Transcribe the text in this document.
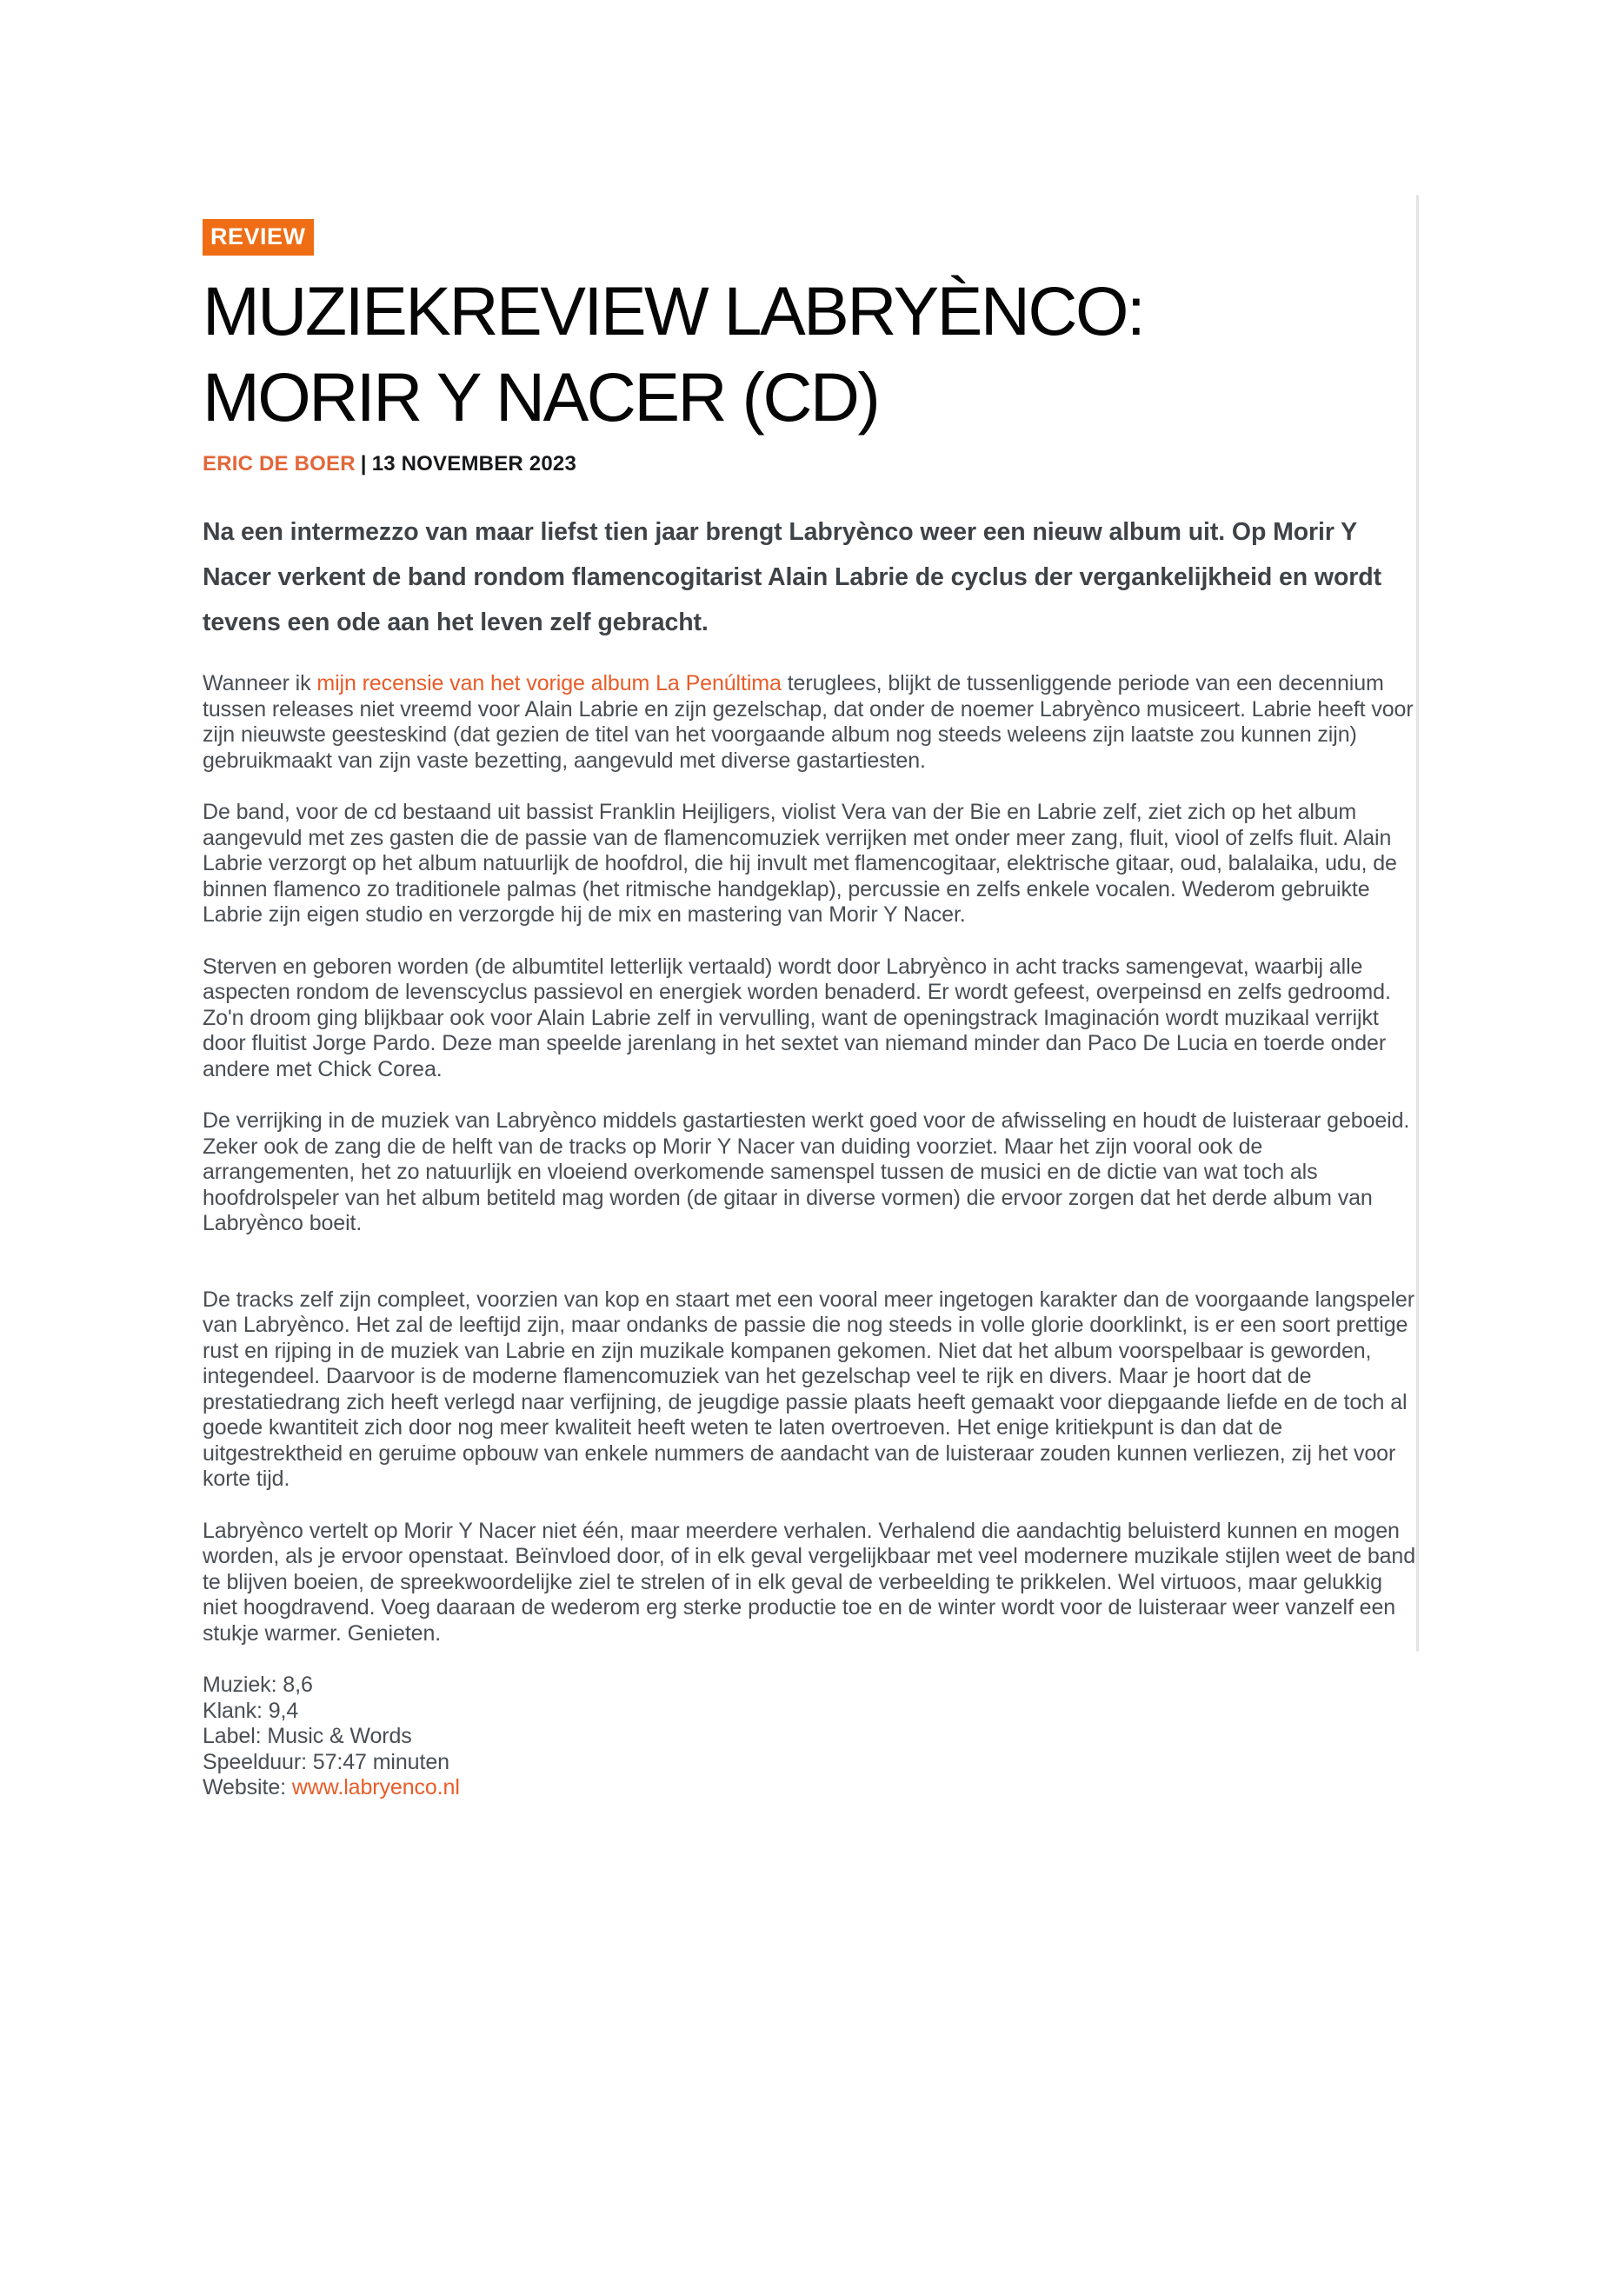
REVIEW
MUZIEKREVIEW LABRYÈNCO: MORIR Y NACER (CD)
ERIC DE BOER | 13 NOVEMBER 2023

Na een intermezzo van maar liefst tien jaar brengt Labryènco weer een nieuw album uit. Op Morir Y Nacer verkent de band rondom flamencogitarist Alain Labrie de cyclus der vergankelijkheid en wordt tevens een ode aan het leven zelf gebracht.

Wanneer ik mijn recensie van het vorige album La Penúltima teruglees, blijkt de tussenliggende periode van een decennium tussen releases niet vreemd voor Alain Labrie en zijn gezelschap, dat onder de noemer Labryènco musiceert. Labrie heeft voor zijn nieuwste geesteskind (dat gezien de titel van het voorgaande album nog steeds weleens zijn laatste zou kunnen zijn) gebruikmaakt van zijn vaste bezetting, aangevuld met diverse gastartiesten.

De band, voor de cd bestaand uit bassist Franklin Heijligers, violist Vera van der Bie en Labrie zelf, ziet zich op het album aangevuld met zes gasten die de passie van de flamencomuziek verrijken met onder meer zang, fluit, viool of zelfs fluit. Alain Labrie verzorgt op het album natuurlijk de hoofdrol, die hij invult met flamencogitaar, elektrische gitaar, oud, balalaika, udu, de binnen flamenco zo traditionele palmas (het ritmische handgeklap), percussie en zelfs enkele vocalen. Wederom gebruikte Labrie zijn eigen studio en verzorgde hij de mix en mastering van Morir Y Nacer.

Sterven en geboren worden (de albumtitel letterlijk vertaald) wordt door Labryènco in acht tracks samengevat, waarbij alle aspecten rondom de levenscyclus passievol en energiek worden benaderd. Er wordt gefeest, overpeinsd en zelfs gedroomd. Zo'n droom ging blijkbaar ook voor Alain Labrie zelf in vervulling, want de openingstrack Imaginación wordt muzikaal verrijkt door fluitist Jorge Pardo. Deze man speelde jarenlang in het sextet van niemand minder dan Paco De Lucia en toerde onder andere met Chick Corea.

De verrijking in de muziek van Labryènco middels gastartiesten werkt goed voor de afwisseling en houdt de luisteraar geboeid. Zeker ook de zang die de helft van de tracks op Morir Y Nacer van duiding voorziet. Maar het zijn vooral ook de arrangementen, het zo natuurlijk en vloeiend overkomende samenspel tussen de musici en de dictie van wat toch als hoofdrolspeler van het album betiteld mag worden (de gitaar in diverse vormen) die ervoor zorgen dat het derde album van Labryènco boeit.

De tracks zelf zijn compleet, voorzien van kop en staart met een vooral meer ingetogen karakter dan de voorgaande langspeler van Labryènco. Het zal de leeftijd zijn, maar ondanks de passie die nog steeds in volle glorie doorklinkt, is er een soort prettige rust en rijping in de muziek van Labrie en zijn muzikale kompanen gekomen. Niet dat het album voorspelbaar is geworden, integendeel. Daarvoor is de moderne flamencomuziek van het gezelschap veel te rijk en divers. Maar je hoort dat de prestatiedrang zich heeft verlegd naar verfijning, de jeugdige passie plaats heeft gemaakt voor diepgaande liefde en de toch al goede kwantiteit zich door nog meer kwaliteit heeft weten te laten overtroeven. Het enige kritiekpunt is dan dat de uitgestrektheid en geruime opbouw van enkele nummers de aandacht van de luisteraar zouden kunnen verliezen, zij het voor korte tijd.

Labryènco vertelt op Morir Y Nacer niet één, maar meerdere verhalen. Verhalend die aandachtig beluisterd kunnen en mogen worden, als je ervoor openstaat. Beïnvloed door, of in elk geval vergelijkbaar met veel modernere muzikale stijlen weet de band te blijven boeien, de spreekwoordelijke ziel te strelen of in elk geval de verbeelding te prikkelen. Wel virtuoos, maar gelukkig niet hoogdravend. Voeg daaraan de wederom erg sterke productie toe en de winter wordt voor de luisteraar weer vanzelf een stukje warmer. Genieten.

Muziek: 8,6
Klank: 9,4
Label: Music & Words
Speelduur: 57:47 minuten
Website: www.labryenco.nl
